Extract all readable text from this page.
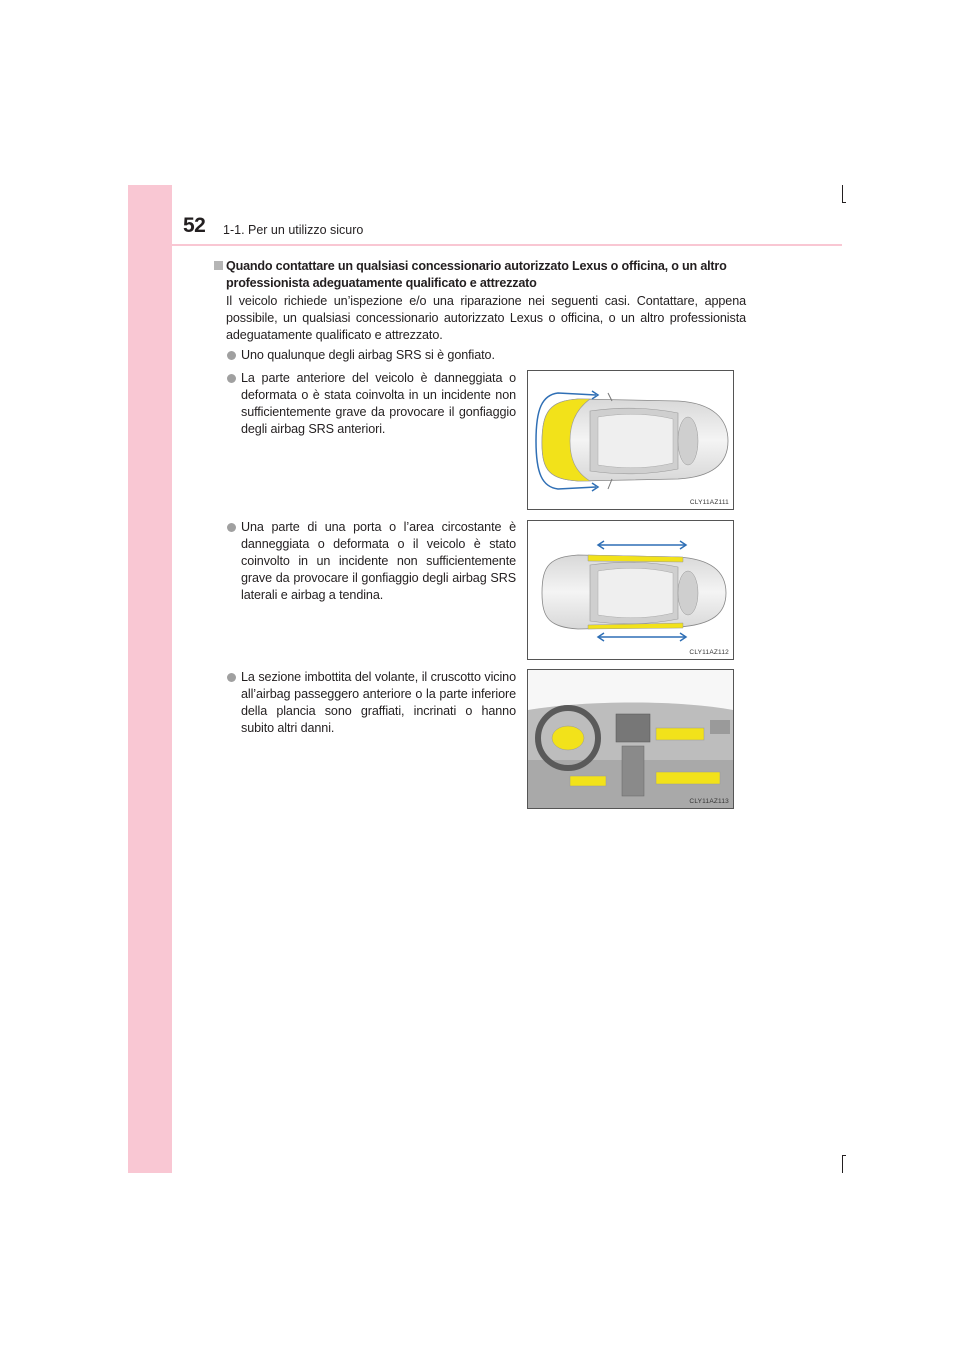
52 1-1. Per un utilizzo sicuro
Quando contattare un qualsiasi concessionario autorizzato Lexus o officina, o un altro professionista adeguatamente qualificato e attrezzato
Il veicolo richiede un’ispezione e/o una riparazione nei seguenti casi. Contattare, appena possibile, un qualsiasi concessionario autorizzato Lexus o officina, o un altro professionista adeguatamente qualificato e attrezzato.
Uno qualunque degli airbag SRS si è gonfiato.
La parte anteriore del veicolo è danneggiata o deformata o è stata coinvolta in un incidente non sufficientemente grave da provocare il gonfiaggio degli airbag SRS anteriori.
Una parte di una porta o l’area circostante è danneggiata o deformata o il veicolo è stato coinvolto in un incidente non sufficientemente grave da provocare il gonfiaggio degli airbag SRS laterali e airbag a tendina.
La sezione imbottita del volante, il cruscotto vicino all’airbag passeggero anteriore o la parte inferiore della plancia sono graffiati, incrinati o hanno subito altri danni.
CLY11AZ111
CLY11AZ112
CLY11AZ113
